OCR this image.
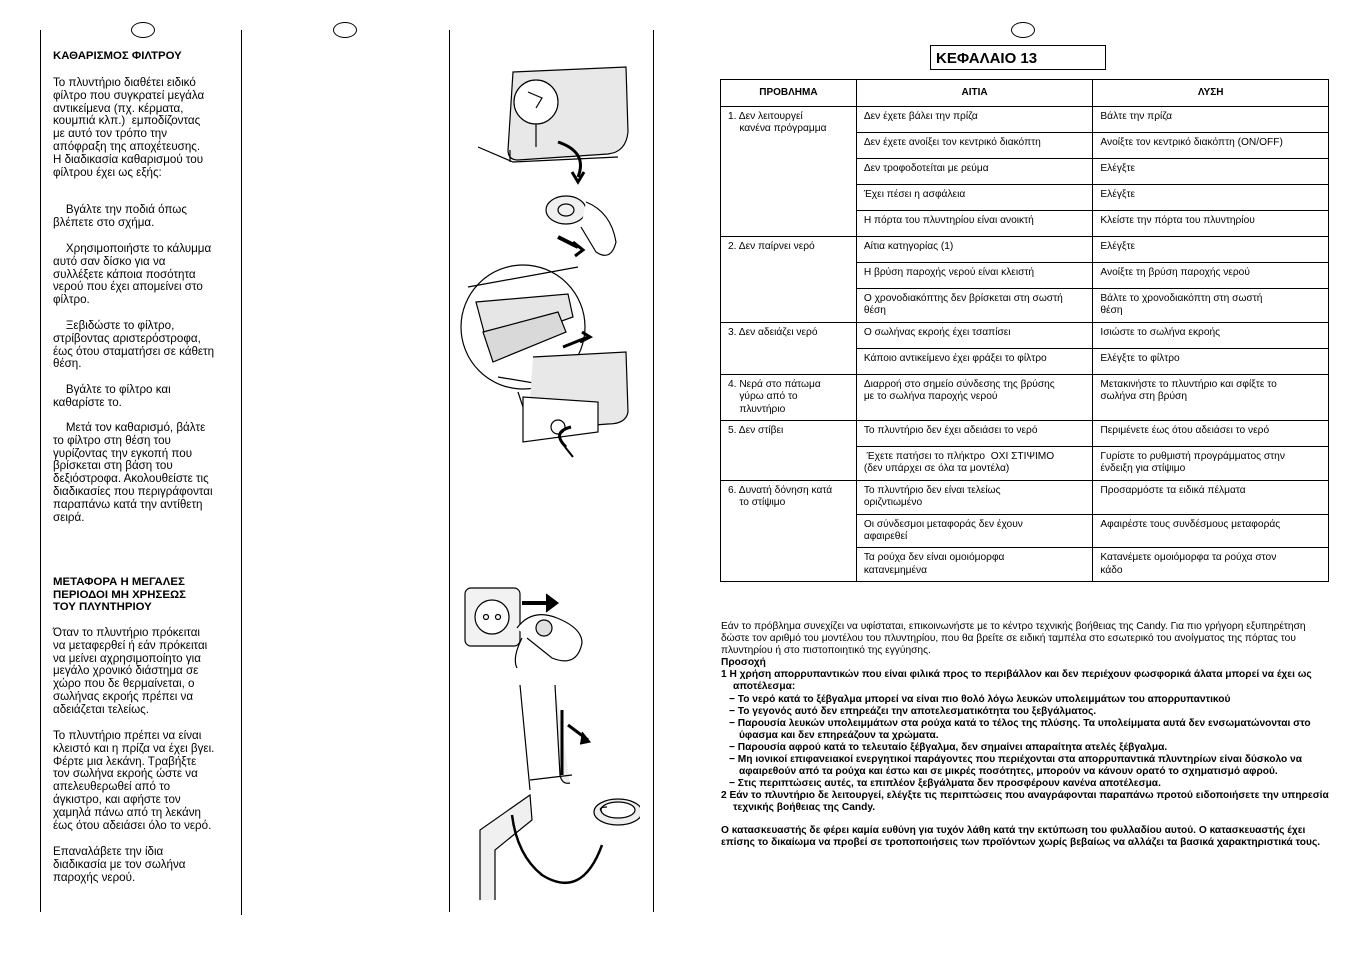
ΚΑΘΑΡΙΣΜΟΣ ΦΙΛΤΡΟΥ
Το πλυντήριο διαθέτει ειδικό
φίλτρο που συγκρατεί μεγάλα
αντικείμενα (πχ. κέρματα,
κουμπιά κλπ.)  εμποδίζοντας
με αυτό τον τρόπο την
απόφραξη της αποχέτευσης.
Η διαδικασία καθαρισμού του
φίλτρου έχει ως εξής:
Βγάλτε την ποδιά όπως
βλέπετε στο σχήμα.
Χρησιμοποιήστε το κάλυμμα
αυτό σαν δίσκο για να
συλλέξετε κάποια ποσότητα
νερού που έχει απομείνει στο
φίλτρο.
Ξεβιδώστε το φίλτρο,
στρίβοντας αριστερόστροφα,
έως ότου σταματήσει σε κάθετη
θέση.
Βγάλτε το φίλτρο και
καθαρίστε το.
Μετά τον καθαρισμό, βάλτε
το φίλτρο στη θέση του
γυρίζοντας την εγκοπή που
βρίσκεται στη βάση του
δεξιόστροφα. Ακολουθείστε τις
διαδικασίες που περιγράφονται
παραπάνω κατά την αντίθετη
σειρά.
ΜΕΤΑΦΟΡΑ Η ΜΕΓΑΛΕΣ
ΠΕΡΙΟΔΟΙ ΜΗ ΧΡΗΣΕΩΣ
ΤΟΥ ΠΛΥΝΤΗΡΙΟΥ
Όταν το πλυντήριο πρόκειται
να μεταφερθεί ή εάν πρόκειται
να μείνει αχρησιμοποίητο για
μεγάλο χρονικό διάστημα σε
χώρο που δε θερμαίνεται, ο
σωλήνας εκροής πρέπει να
αδειάζεται τελείως.
Το πλυντήριο πρέπει να είναι
κλειστό και η πρίζα να έχει βγει.
Φέρτε μια λεκάνη. Τραβήξτε
τον σωλήνα εκροής ώστε να
απελευθερωθεί από το
άγκιστρο, και αφήστε τον
χαμηλά πάνω από τη λεκάνη
έως ότου αδειάσει όλο το νερό.
Επαναλάβετε την ίδια
διαδικασία με τον σωλήνα
παροχής νερού.
ΚΕΦΑΛΑΙΟ 13
ΠΡΟΒΛΗΜΑ	ΑΙΤΙΑ	ΛΥΣΗ
1. Δεν λειτουργεί
κανένα πρόγραμμα	Δεν έχετε βάλει την πρίζα	Βάλτε την πρίζα
	Δεν έχετε ανοίξει τον κεντρικό διακόπτη	Ανοίξτε τον κεντρικό διακόπτη (ON/OFF)
	Δεν τροφοδοτείται με ρεύμα	Ελέγξτε
	Έχει πέσει η ασφάλεια	Ελέγξτε
	Η πόρτα του πλυντηρίου είναι ανοικτή	Κλείστε την πόρτα του πλυντηρίου
2. Δεν παίρνει νερό	Αίτια κατηγορίας (1)	Ελέγξτε
	Η βρύση παροχής νερού είναι κλειστή	Ανοίξτε τη βρύση παροχής νερού
	Ο χρονοδιακόπτης δεν βρίσκεται στη σωστή
θέση	Βάλτε το χρονοδιακόπτη στη σωστή
θέση
3. Δεν αδειάζει νερό	Ο σωλήνας εκροής έχει τσαπίσει	Ισιώστε το σωλήνα εκροής
	Κάποιο αντικείμενο έχει φράξει το φίλτρο	Ελέγξτε το φίλτρο
4. Νερά στο πάτωμα
γύρω από το
πλυντήριο	Διαρροή στο σημείο σύνδεσης της βρύσης
με το σωλήνα παροχής νερού	Μετακινήστε το πλυντήριο και σφίξτε το
σωλήνα στη βρύση
5. Δεν στίβει	Το πλυντήριο δεν έχει αδειάσει το νερό	Περιμένετε έως ότου αδειάσει το νερό
	Έχετε πατήσει το πλήκτρο  ΟΧΙ ΣΤΙΨΙΜΟ
(δεν υπάρχει σε όλα τα μοντέλα)	Γυρίστε το ρυθμιστή προγράμματος στην
ένδειξη για στίψιμο
6. Δυνατή δόνηση κατά
το στίψιμο	Το πλυντήριο δεν είναι τελείως
οριζντιωμένο	Προσαρμόστε τα ειδικά πέλματα
	Οι σύνδεσμοι μεταφοράς δεν έχουν
αφαιρεθεί	Αφαιρέστε τους συνδέσμους μεταφοράς
	Τα ρούχα δεν είναι ομοιόμορφα
κατανεμημένα	Κατανέμετε ομοιόμορφα τα ρούχα στον
κάδο
Εάν το πρόβλημα συνεχίζει να υφίσταται, επικοινωνήστε με το κέντρο τεχνικής βοήθειας της Candy. Για πιο γρήγορη εξυπηρέτηση δώστε τον αριθμό του μοντέλου του πλυντηρίου, που θα βρείτε σε ειδική ταμπέλα στο εσωτερικό του ανοίγματος της πόρτας του πλυντηρίου ή στο πιστοποιητικό της εγγύησης.
Προσοχή
1 Η χρήση απορρυπαντικών που είναι φιλικά προς το περιβάλλον και δεν περιέχουν φωσφορικά άλατα μπορεί να έχει ως αποτέλεσμα:
− Το νερό κατά το ξέβγαλμα μπορεί να είναι πιο θολό λόγω λευκών υπολειμμάτων του απορρυπαντικού
− Το γεγονός αυτό δεν επηρεάζει την αποτελεσματικότητα του ξεβγάλματος.
− Παρουσία λευκών υπολειμμάτων στα ρούχα κατά το τέλος της πλύσης. Τα υπολείμματα αυτά δεν ενσωματώνονται στο ύφασμα και δεν επηρεάζουν τα χρώματα.
− Παρουσία αφρού κατά το τελευταίο ξέβγαλμα, δεν σημαίνει απαραίτητα ατελές ξέβγαλμα.
− Μη ιονικοί επιφανειακοί ενεργητικοί παράγοντες που περιέχονται στα απορρυπαντικά πλυντηρίων είναι δύσκολο να αφαιρεθούν από τα ρούχα και έστω και σε μικρές ποσότητες, μπορούν να κάνουν ορατό το σχηματισμό αφρού.
− Στις περιπτώσεις αυτές, τα επιπλέον ξεβγάλματα δεν προσφέρουν κανένα αποτέλεσμα.
2 Εάν το πλυντήριο δε λειτουργεί, ελέγξτε τις περιπτώσεις που αναγράφονται παραπάνω προτού ειδοποιήσετε την υπηρεσία τεχνικής βοήθειας της Candy.
Ο κατασκευαστής δε φέρει καμία ευθύνη για τυχόν λάθη κατά την εκτύπωση του φυλλαδίου αυτού. Ο κατασκευαστής έχει επίσης το δικαίωμα να προβεί σε τροποποιήσεις των προϊόντων χωρίς βεβαίως να αλλάζει τα βασικά χαρακτηριστικά τους.
